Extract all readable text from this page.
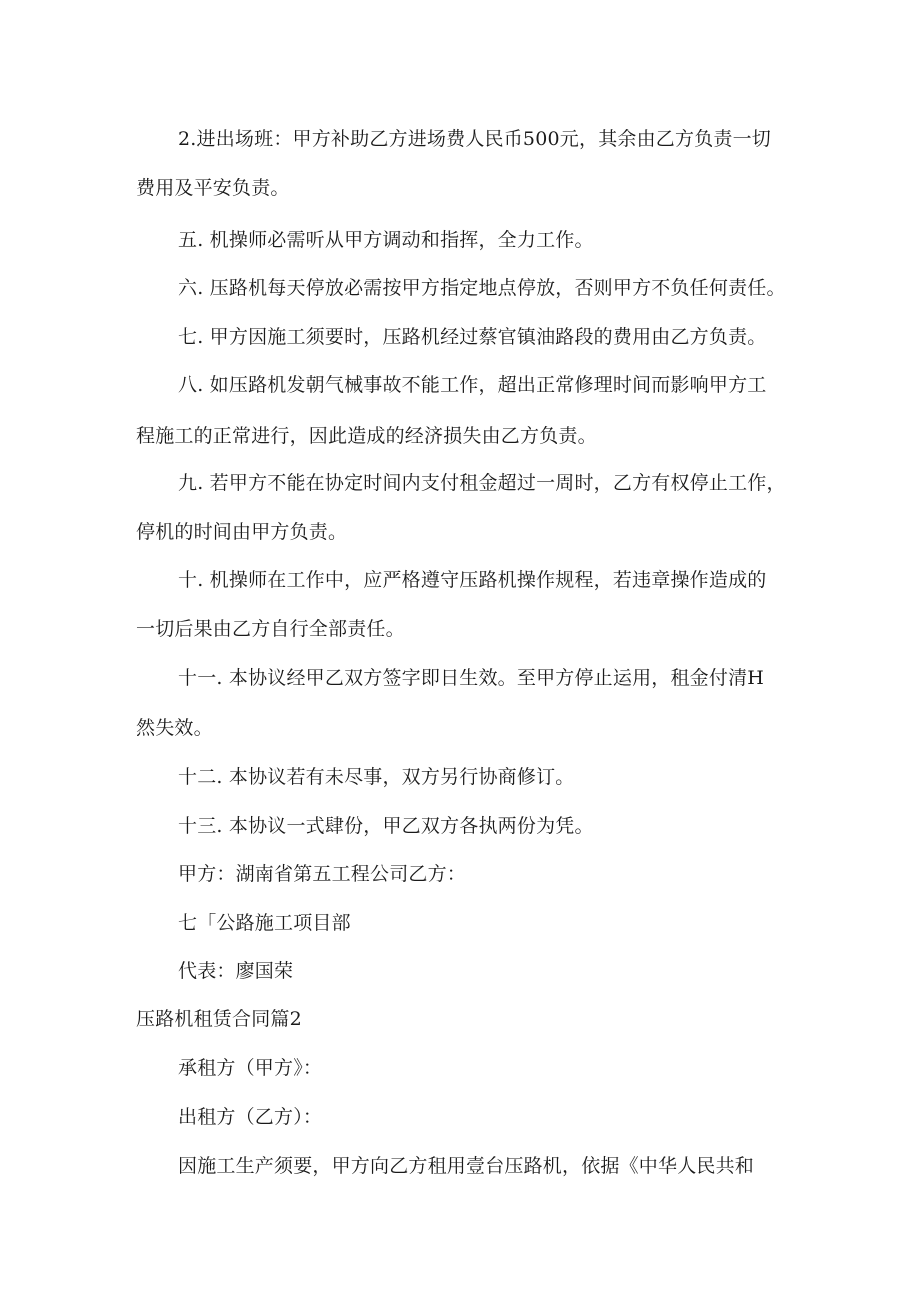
2.进出场班：甲方补助乙方进场费人民币500元，其余由乙方负责一切
费用及平安负责。
五. 机操师必需听从甲方调动和指挥，全力工作。
六. 压路机每天停放必需按甲方指定地点停放，否则甲方不负任何责任。
七. 甲方因施工须要时，压路机经过蔡官镇油路段的费用由乙方负责。
八. 如压路机发朝气械事故不能工作，超出正常修理时间而影响甲方工
程施工的正常进行，因此造成的经济损失由乙方负责。
九. 若甲方不能在协定时间内支付租金超过一周时，乙方有权停止工作，
停机的时间由甲方负责。
十. 机操师在工作中，应严格遵守压路机操作规程，若违章操作造成的
一切后果由乙方自行全部责任。
十一. 本协议经甲乙双方签字即日生效。至甲方停止运用，租金付清H
然失效。
十二. 本协议若有未尽事，双方另行协商修订。
十三. 本协议一式肆份，甲乙双方各执两份为凭。
甲方：湖南省第五工程公司乙方：
七「公路施工项目部
代表：廖国荣
压路机租赁合同篇2
承租方（甲方》：
出租方（乙方）：
因施工生产须要，甲方向乙方租用壹台压路机，依据《中华人民共和
